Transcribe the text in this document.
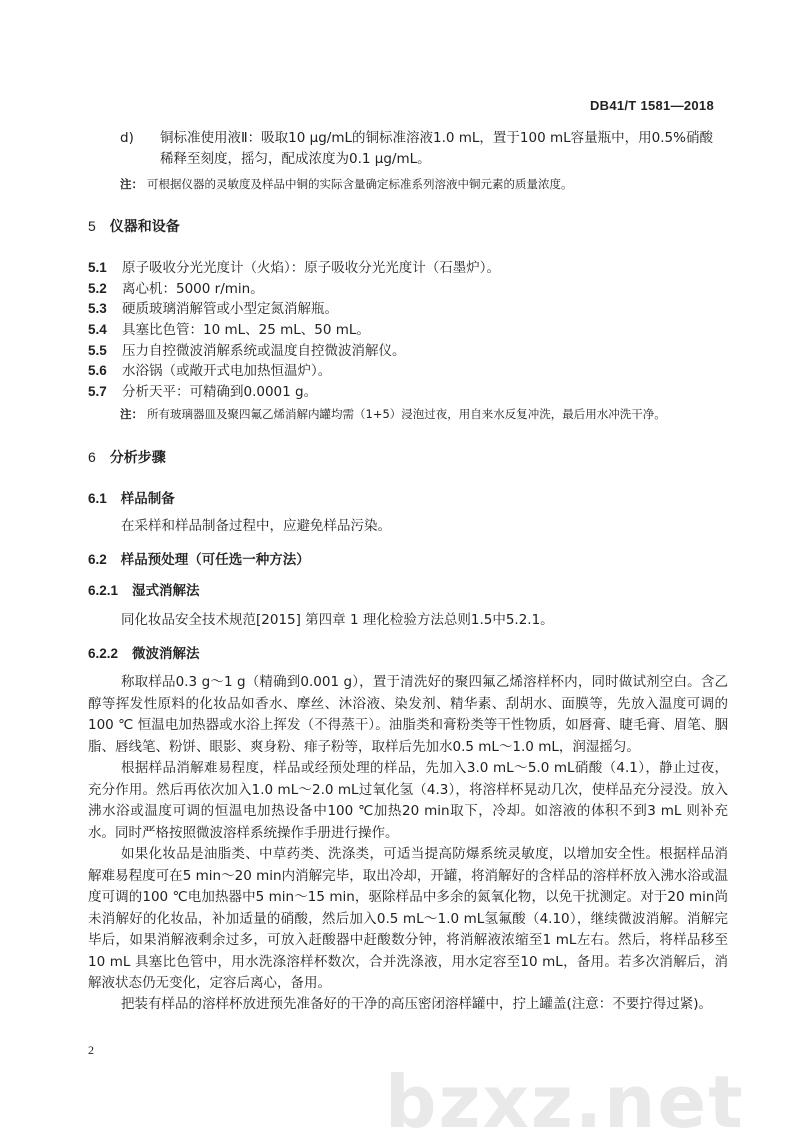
DB41/T 1581—2018
d)	铜标准使用液Ⅱ：吸取10 μg/mL的铜标准溶液1.0 mL，置于100 mL容量瓶中，用0.5%硝酸稀释至刻度，摇匀，配成浓度为0.1 μg/mL。
注： 可根据仪器的灵敏度及样品中铜的实际含量确定标准系列溶液中铜元素的质量浓度。
5 仪器和设备
5.1 原子吸收分光光度计（火焰）：原子吸收分光光度计（石墨炉）。
5.2 离心机：5000 r/min。
5.3 硬质玻璃消解管或小型定氮消解瓶。
5.4 具塞比色管：10 mL、25 mL、50 mL。
5.5 压力自控微波消解系统或温度自控微波消解仪。
5.6 水浴锅（或敞开式电加热恒温炉）。
5.7 分析天平：可精确到0.0001 g。
注： 所有玻璃器皿及聚四氟乙烯消解内罐均需（1+5）浸泡过夜，用自来水反复冲洗，最后用水冲洗干净。
6 分析步骤
6.1 样品制备
在采样和样品制备过程中，应避免样品污染。
6.2 样品预处理（可任选一种方法）
6.2.1 湿式消解法
同化妆品安全技术规范[2015] 第四章 1 理化检验方法总则1.5中5.2.1。
6.2.2 微波消解法
称取样品0.3 g～1 g（精确到0.001 g），置于清洗好的聚四氟乙烯溶样杯内，同时做试剂空白。含乙醇等挥发性原料的化妆品如香水、摩丝、沐浴液、染发剂、精华素、刮胡水、面膜等，先放入温度可调的100 ℃ 恒温电加热器或水浴上挥发（不得蒸干）。油脂类和膏粉类等干性物质，如唇膏、睫毛膏、眉笔、胭脂、唇线笔、粉饼、眼影、爽身粉、痱子粉等，取样后先加水0.5 mL～1.0 mL，润湿摇匀。
根据样品消解难易程度，样品或经预处理的样品，先加入3.0 mL～5.0 mL硝酸（4.1），静止过夜，充分作用。然后再依次加入1.0 mL～2.0 mL过氧化氢（4.3），将溶样杯晃动几次，使样品充分浸没。放入沸水浴或温度可调的恒温电加热设备中100 ℃加热20 min取下，冷却。如溶液的体积不到3 mL 则补充水。同时严格按照微波溶样系统操作手册进行操作。
如果化妆品是油脂类、中草药类、洗涤类，可适当提高防爆系统灵敏度，以增加安全性。根据样品消解难易程度可在5 min～20 min内消解完毕，取出冷却，开罐，将消解好的含样品的溶样杯放入沸水浴或温度可调的100 ℃电加热器中5 min～15 min，驱除样品中多余的氮氧化物，以免干扰测定。对于20 min尚未消解好的化妆品，补加适量的硝酸，然后加入0.5 mL～1.0 mL氢氟酸（4.10），继续微波消解。消解完毕后，如果消解液剩余过多，可放入赶酸器中赶酸数分钟，将消解液浓缩至1 mL左右。然后，将样品移至10 mL 具塞比色管中，用水洗涤溶样杯数次，合并洗涤液，用水定容至10 mL，备用。若多次消解后，消解液状态仍无变化，定容后离心，备用。
把装有样品的溶样杯放进预先准备好的干净的高压密闭溶样罐中，拧上罐盖(注意：不要拧得过紧)。
2
bzxz.net
